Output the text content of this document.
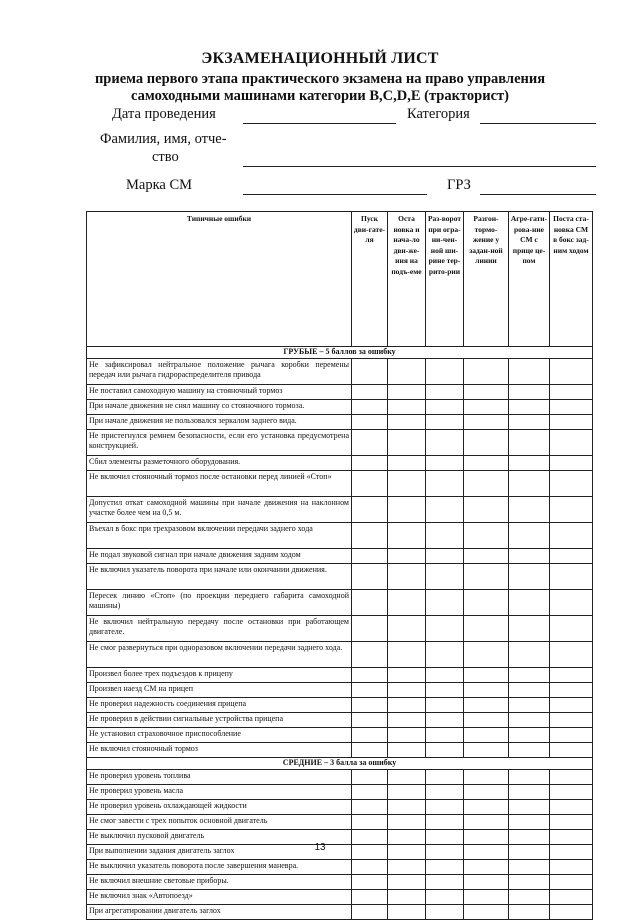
ЭКЗАМЕНАЦИОННЫЙ ЛИСТ
приема первого этапа практического экзамена на право управления
самоходными машинами категории B,C,D,E (тракторист)
Дата проведения	Категория
Фамилия, имя, отче-
ство
Марка СМ	ГРЗ
Типичные ошибки	Пуск дви-гате-ля	Оста новка и нача-ло дви-же-ния на подъ-еме	Раз-ворот при огра-ни-чен-ной ши-рине тер-рито-рии	Разгон-тормо-жение у задан-ной линии	Агре-гати-рова-ние СМ с прице це-пом	Поста ста-новка СМ в бокс зад-ним ходом
ГРУБЫЕ – 5 баллов за ошибку						
Не зафиксировал нейтральное положение рычага коробки перемены передач или рычага гидрораспределителя привода						
Не поставил самоходную машину на стояночный тормоз						
При начале движения не снял машину со стояночного тормоза.						
При начале движения не пользовался зеркалом заднего вида.						
Не пристегнулся ремнем безопасности, если его установка предусмотрена конструкцией.						
Сбил элементы разметочного оборудования.						
Не включил стояночный тормоз после остановки перед линией «Стоп»						
Допустил откат самоходной машины при начале движения на наклонном участке более чем на 0,5 м.						
Въехал в бокс при трехразовом включении передачи заднего хода						
Не подал звуковой сигнал при начале движения задним ходом						
Не включил указатель поворота при начале или окончании движения.						
Пересек линию «Стоп» (по проекции переднего габарита самоходной машины)						
Не включил нейтральную передачу после остановки при работающем двигателе.						
Не смог развернуться при одноразовом включении передачи заднего хода.						
Произвел более трех подъездов к прицепу						
Произвел наезд СМ на прицеп						
Не проверил надежность соединения прицепа						
Не проверил в действии сигнальные устройства прицепа						
Не установил страховочное приспособление						
Не включил стояночный тормоз						
СРЕДНИЕ – 3 балла за ошибку						
Не проверил уровень топлива						
Не проверил уровень масла						
Не проверил уровень охлаждающей жидкости						
Не смог завести с трех попыток основной двигатель						
Не выключил пусковой двигатель						
При выполнении задания двигатель заглох						
Не выключил указатель поворота после завершения маневра.						
Не включил внешние световые приборы.						
Не включил знак «Автопоезд»						
При агрегатировании двигатель заглох						
13
